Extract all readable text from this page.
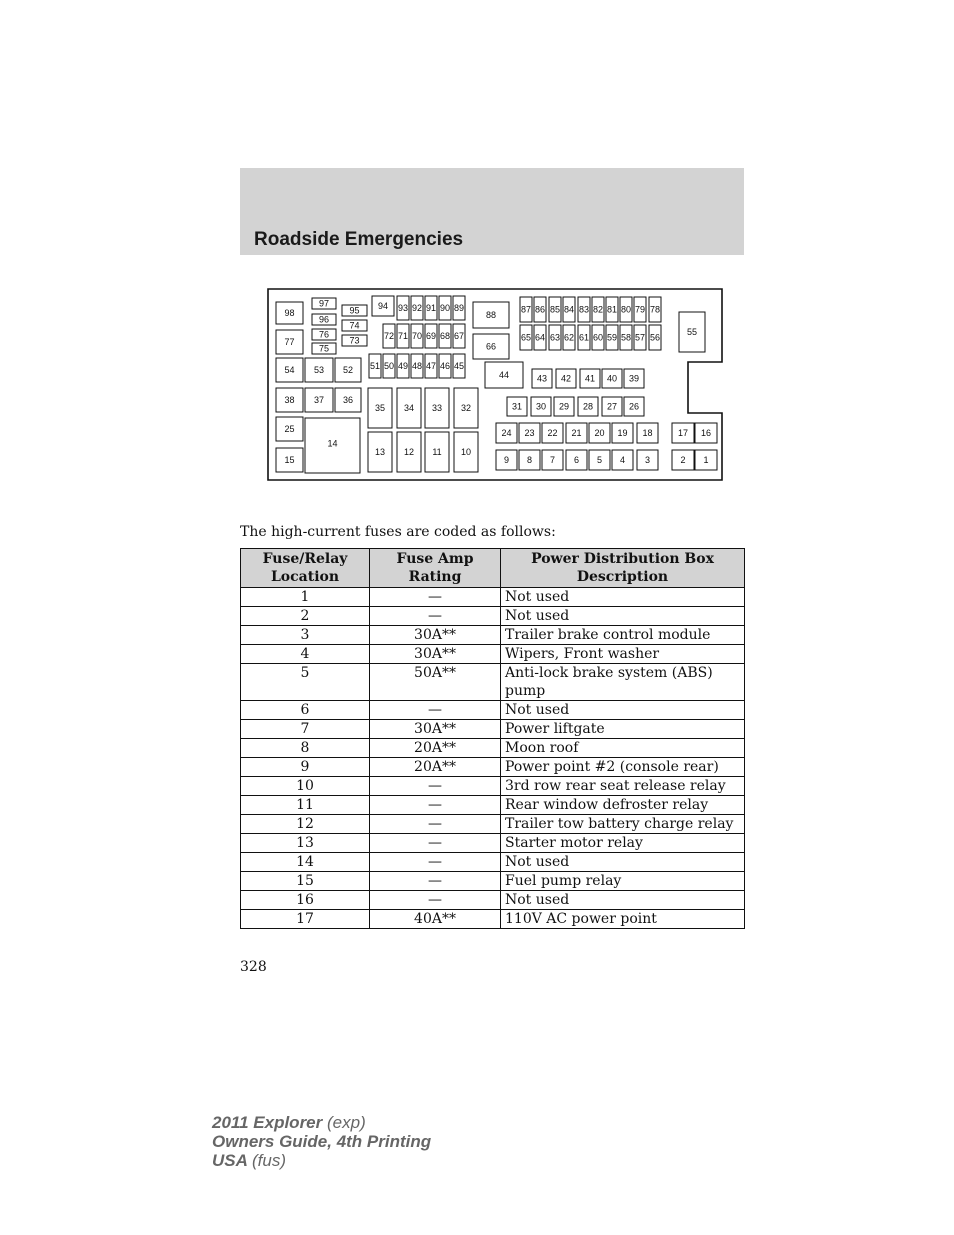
Roadside Emergencies
98
97
96
95
74
76
75
73
77
94 93 92 91 90 89
72 71 70 69 68 67
88
66
87 86 85 84 83 82 81 80 79 78
65 64 63 62 61 60 59 58 57 56
55
54 53 52 51 50 49 48 47 46 45
44	43 42 41 40 39
38 37 36
35 34 33 32	31 30 29 28 27 26
25
14
24 23 22 21 20 19 18	17 16
15
13 12 11 10
9 8 7 6 5 4 3	2 1
The high-current fuses are coded as follows:
Fuse/Relay Location	Fuse Amp Rating	Power Distribution Box Description
1	—	Not used
2	—	Not used
3	30A**	Trailer brake control module
4	30A**	Wipers, Front washer
5	50A**	Anti-lock brake system (ABS) pump
6	—	Not used
7	30A**	Power liftgate
8	20A**	Moon roof
9	20A**	Power point #2 (console rear)
10	—	3rd row rear seat release relay
11	—	Rear window defroster relay
12	—	Trailer tow battery charge relay
13	—	Starter motor relay
14	—	Not used
15	—	Fuel pump relay
16	—	Not used
17	40A**	110V AC power point
328
2011 Explorer (exp)
Owners Guide, 4th Printing
USA (fus)
